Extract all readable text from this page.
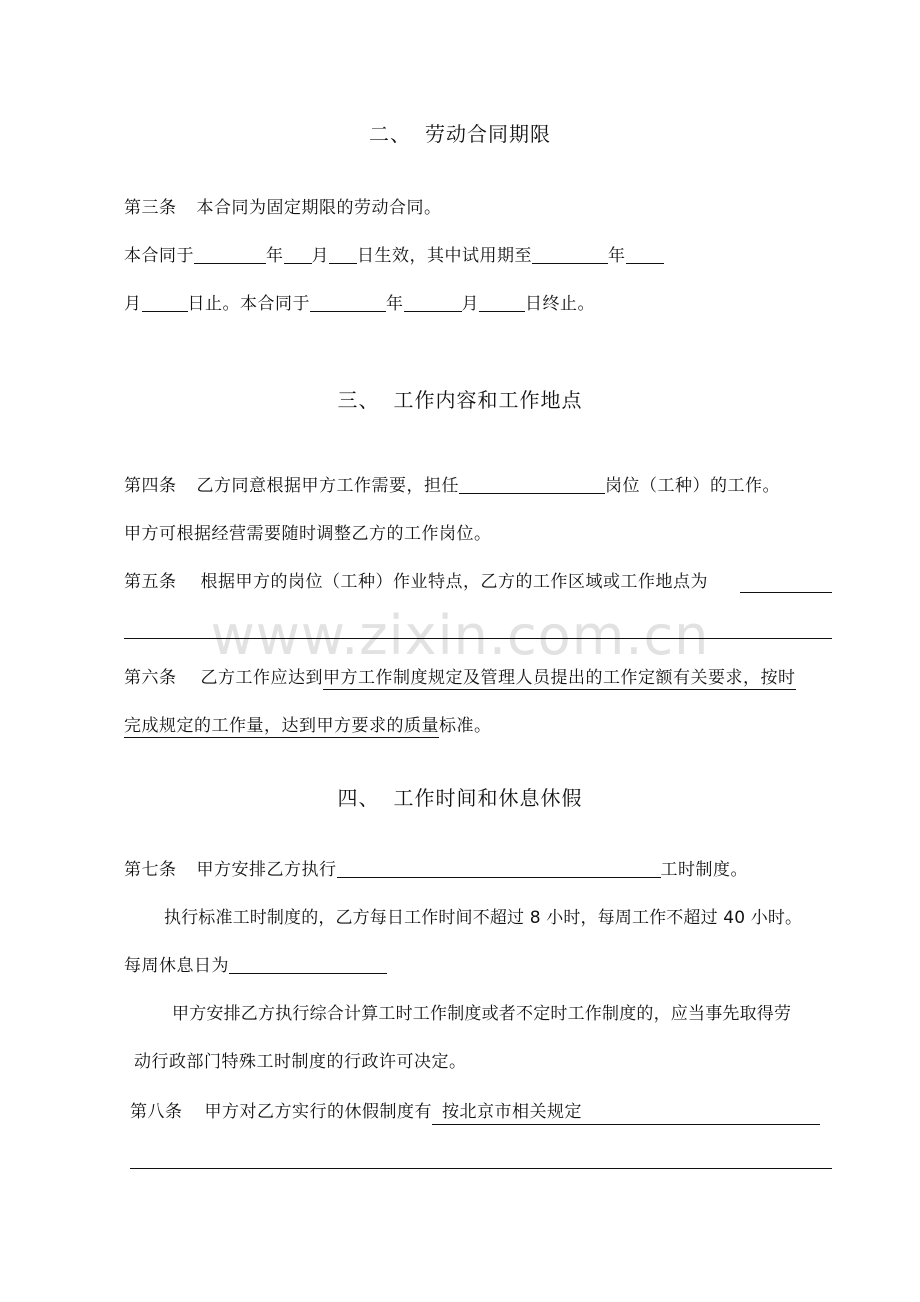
www.zixin.com.cn
二、 劳动合同期限
第三条 本合同为固定期限的劳动合同。
本合同于	年 月 日生效，其中试用期至	年
月	日止。本合同于	年	月	日终止。
三、 工作内容和工作地点
第四条 乙方同意根据甲方工作需要，担任	岗位（工种）的工作。
甲方可根据经营需要随时调整乙方的工作岗位。
第五条 根据甲方的岗位（工种）作业特点，乙方的工作区域或工作地点为
第六条 乙方工作应达到甲方工作制度规定及管理人员提出的工作定额有关要求，按时
完成规定的工作量，达到甲方要求的质量标准。
四、 工作时间和休息休假
第七条 甲方安排乙方执行	工时制度。
执行标准工时制度的，乙方每日工作时间不超过 8 小时，每周工作不超过 40 小时。
每周休息日为
甲方安排乙方执行综合计算工时工作制度或者不定时工作制度的，应当事先取得劳
动行政部门特殊工时制度的行政许可决定。
第八条 甲方对乙方实行的休假制度有 按北京市相关规定
